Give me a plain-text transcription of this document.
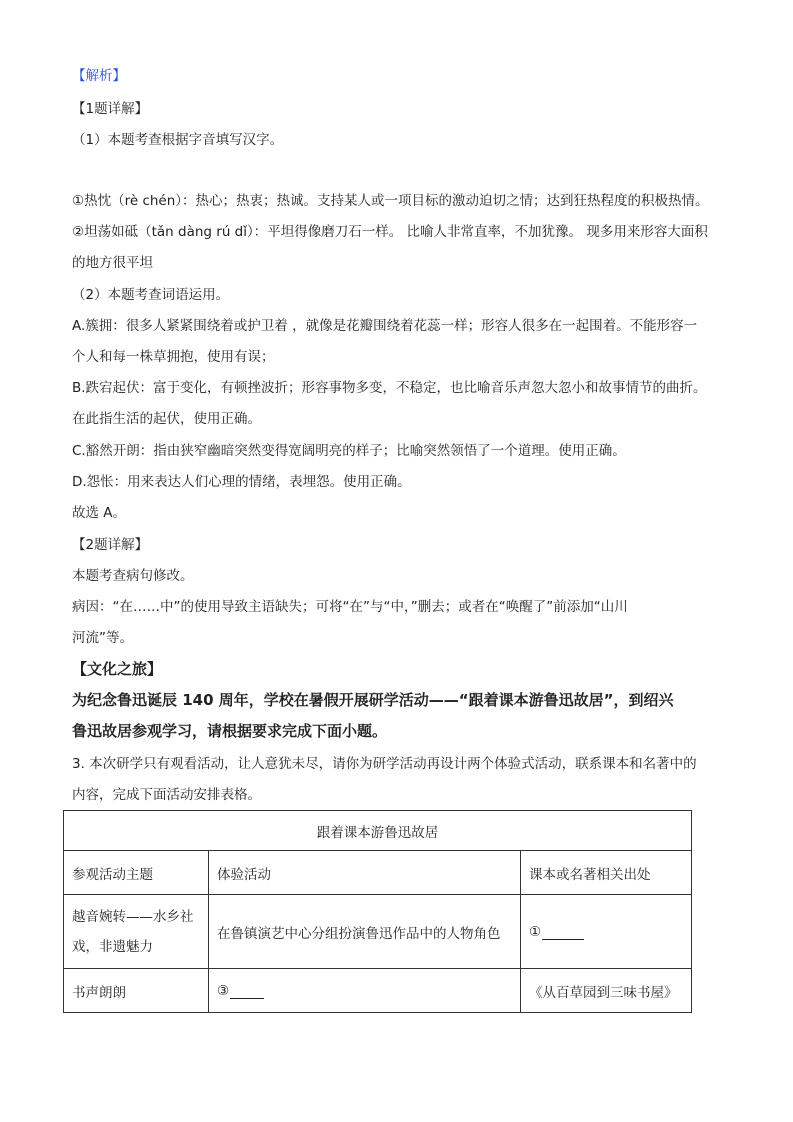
【解析】
【1题详解】
（1）本题考查根据字音填写汉字。
①热忱（rè chén）：热心；热衷；热诚。支持某人或一项目标的激动迫切之情；达到狂热程度的积极热情。
②坦荡如砥（tǎn dàng rú dǐ）：平坦得像磨刀石一样。 比喻人非常直率，不加犹豫。 现多用来形容大面积
的地方很平坦
（2）本题考查词语运用。
A.簇拥：很多人紧紧围绕着或护卫着 ，就像是花瓣围绕着花蕊一样；形容人很多在一起围着。不能形容一
个人和每一株草拥抱，使用有误；
B.跌宕起伏：富于变化，有顿挫波折；形容事物多变，不稳定，也比喻音乐声忽大忽小和故事情节的曲折。
在此指生活的起伏，使用正确。
C.豁然开朗：指由狭窄幽暗突然变得宽阔明亮的样子；比喻突然领悟了一个道理。使用正确。
D.怨怅：用来表达人们心理的情绪，表埋怨。使用正确。
故选 A。
【2题详解】
本题考查病句修改。
病因：“在……中”的使用导致主语缺失；可将“在”与“中，”删去；或者在“唤醒了”前添加“山川
河流”等。
【文化之旅】
为纪念鲁迅诞辰 140 周年，学校在暑假开展研学活动——“跟着课本游鲁迅故居”，到绍兴
鲁迅故居参观学习，请根据要求完成下面小题。
3. 本次研学只有观看活动，让人意犹未尽，请你为研学活动再设计两个体验式活动，联系课本和名著中的
内容，完成下面活动安排表格。
跟着课本游鲁迅故居		
参观活动主题	体验活动	课本或名著相关出处

越音婉转——水乡社
戏，非遗魅力	在鲁镇演艺中心分组扮演鲁迅作品中的人物角色	①
书声朗朗	③	《从百草园到三味书屋》
